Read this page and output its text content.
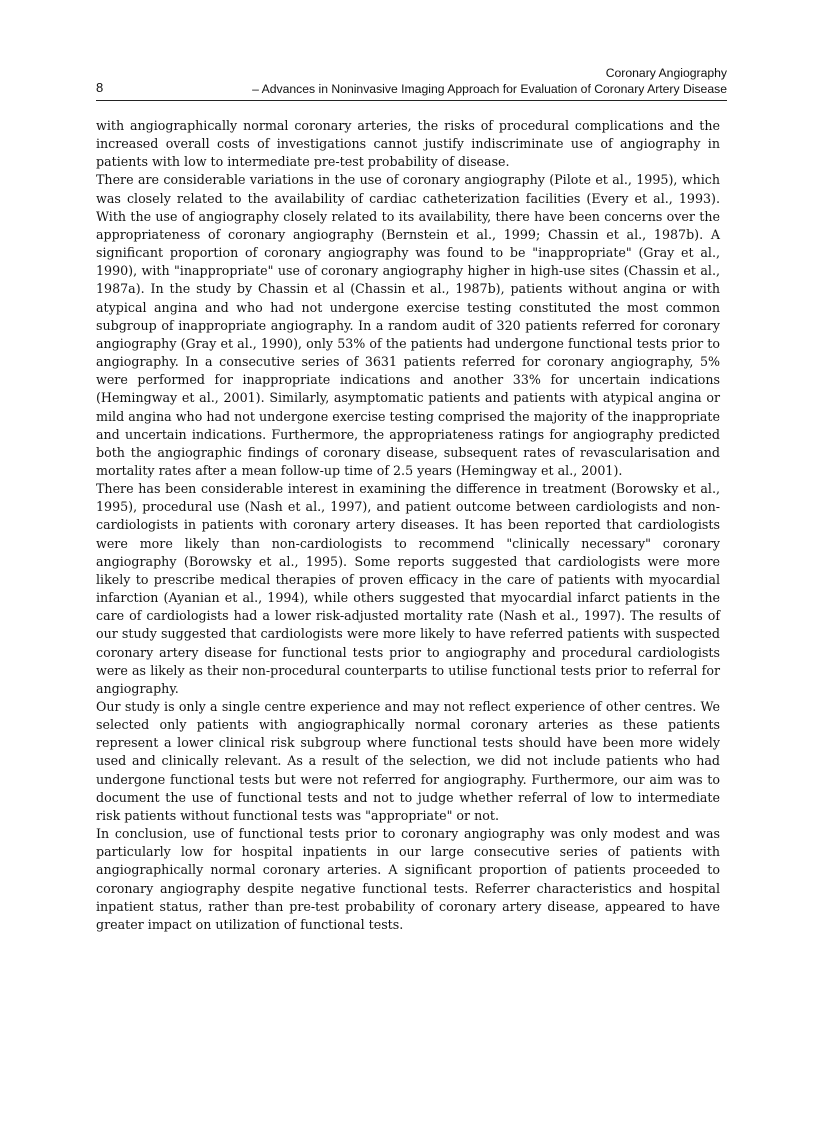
8
Coronary Angiography
– Advances in Noninvasive Imaging Approach for Evaluation of Coronary Artery Disease

with angiographically normal coronary arteries, the risks of procedural complications and the increased overall costs of investigations cannot justify indiscriminate use of angiography in patients with low to intermediate pre-test probability of disease.

There are considerable variations in the use of coronary angiography (Pilote et al., 1995), which was closely related to the availability of cardiac catheterization facilities (Every et al., 1993). With the use of angiography closely related to its availability, there have been concerns over the appropriateness of coronary angiography (Bernstein et al., 1999; Chassin et al., 1987b). A significant proportion of coronary angiography was found to be "inappropriate" (Gray et al., 1990), with "inappropriate" use of coronary angiography higher in high-use sites (Chassin et al., 1987a). In the study by Chassin et al (Chassin et al., 1987b), patients without angina or with atypical angina and who had not undergone exercise testing constituted the most common subgroup of inappropriate angiography. In a random audit of 320 patients referred for coronary angiography (Gray et al., 1990), only 53% of the patients had undergone functional tests prior to angiography. In a consecutive series of 3631 patients referred for coronary angiography, 5% were performed for inappropriate indications and another 33% for uncertain indications (Hemingway et al., 2001). Similarly, asymptomatic patients and patients with atypical angina or mild angina who had not undergone exercise testing comprised the majority of the inappropriate and uncertain indications. Furthermore, the appropriateness ratings for angiography predicted both the angiographic findings of coronary disease, subsequent rates of revascularisation and mortality rates after a mean follow-up time of 2.5 years (Hemingway et al., 2001).

There has been considerable interest in examining the difference in treatment (Borowsky et al., 1995), procedural use (Nash et al., 1997), and patient outcome between cardiologists and non-cardiologists in patients with coronary artery diseases. It has been reported that cardiologists were more likely than non-cardiologists to recommend "clinically necessary" coronary angiography (Borowsky et al., 1995). Some reports suggested that cardiologists were more likely to prescribe medical therapies of proven efficacy in the care of patients with myocardial infarction (Ayanian et al., 1994), while others suggested that myocardial infarct patients in the care of cardiologists had a lower risk-adjusted mortality rate (Nash et al., 1997). The results of our study suggested that cardiologists were more likely to have referred patients with suspected coronary artery disease for functional tests prior to angiography and procedural cardiologists were as likely as their non-procedural counterparts to utilise functional tests prior to referral for angiography.

Our study is only a single centre experience and may not reflect experience of other centres. We selected only patients with angiographically normal coronary arteries as these patients represent a lower clinical risk subgroup where functional tests should have been more widely used and clinically relevant. As a result of the selection, we did not include patients who had undergone functional tests but were not referred for angiography. Furthermore, our aim was to document the use of functional tests and not to judge whether referral of low to intermediate risk patients without functional tests was "appropriate" or not.

In conclusion, use of functional tests prior to coronary angiography was only modest and was particularly low for hospital inpatients in our large consecutive series of patients with angiographically normal coronary arteries. A significant proportion of patients proceeded to coronary angiography despite negative functional tests. Referrer characteristics and hospital inpatient status, rather than pre-test probability of coronary artery disease, appeared to have greater impact on utilization of functional tests.
